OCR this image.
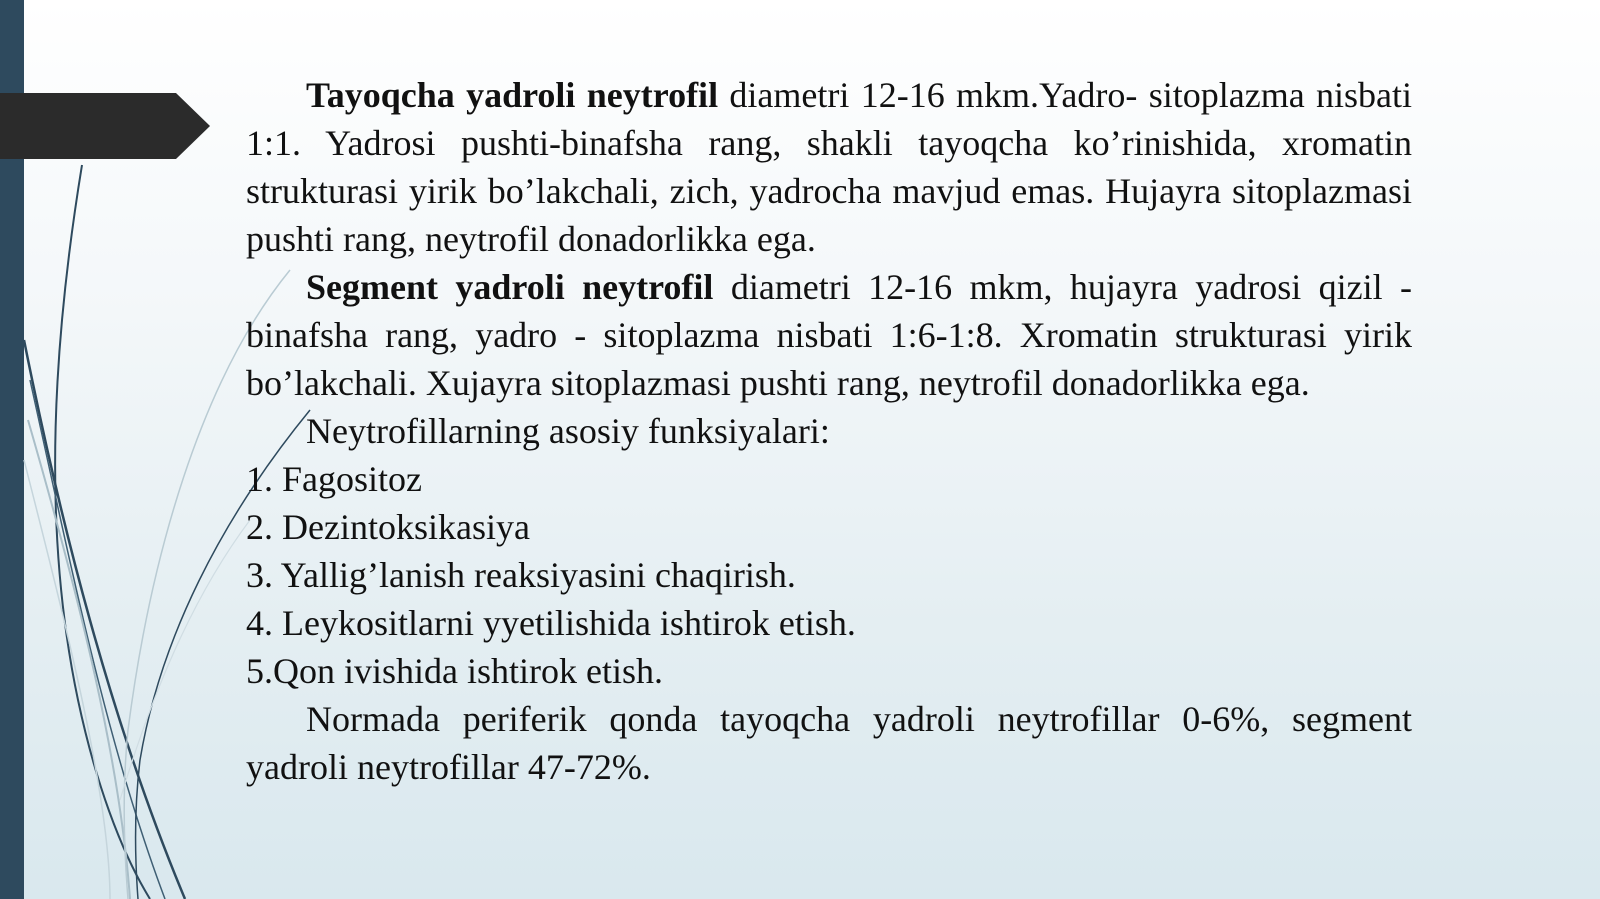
Tayoqcha yadroli neytrofil diametri 12-16 mkm.Yadro- sitoplazma nisbati 1:1. Yadrosi pushti-binafsha rang, shakli tayoqcha ko’rinishida, xromatin strukturasi yirik bo’lakchali, zich, yadrocha mavjud emas. Hujayra sitoplazmasi pushti rang, neytrofil donadorlikka ega.

Segment yadroli neytrofil diametri 12-16 mkm, hujayra yadrosi qizil -binafsha rang, yadro - sitoplazma nisbati 1:6-1:8. Xromatin strukturasi yirik bo’lakchali. Xujayra sitoplazmasi pushti rang, neytrofil donadorlikka ega.

Neytrofillarning asosiy funksiyalari:

1. Fagositoz

2. Dezintoksikasiya

3. Yallig’lanish reaksiyasini chaqirish.

4. Leykositlarni yyetilishida ishtirok etish.

5.Qon ivishida ishtirok etish.

Normada periferik qonda tayoqcha yadroli neytrofillar 0-6%, segment yadroli neytrofillar 47-72%.
